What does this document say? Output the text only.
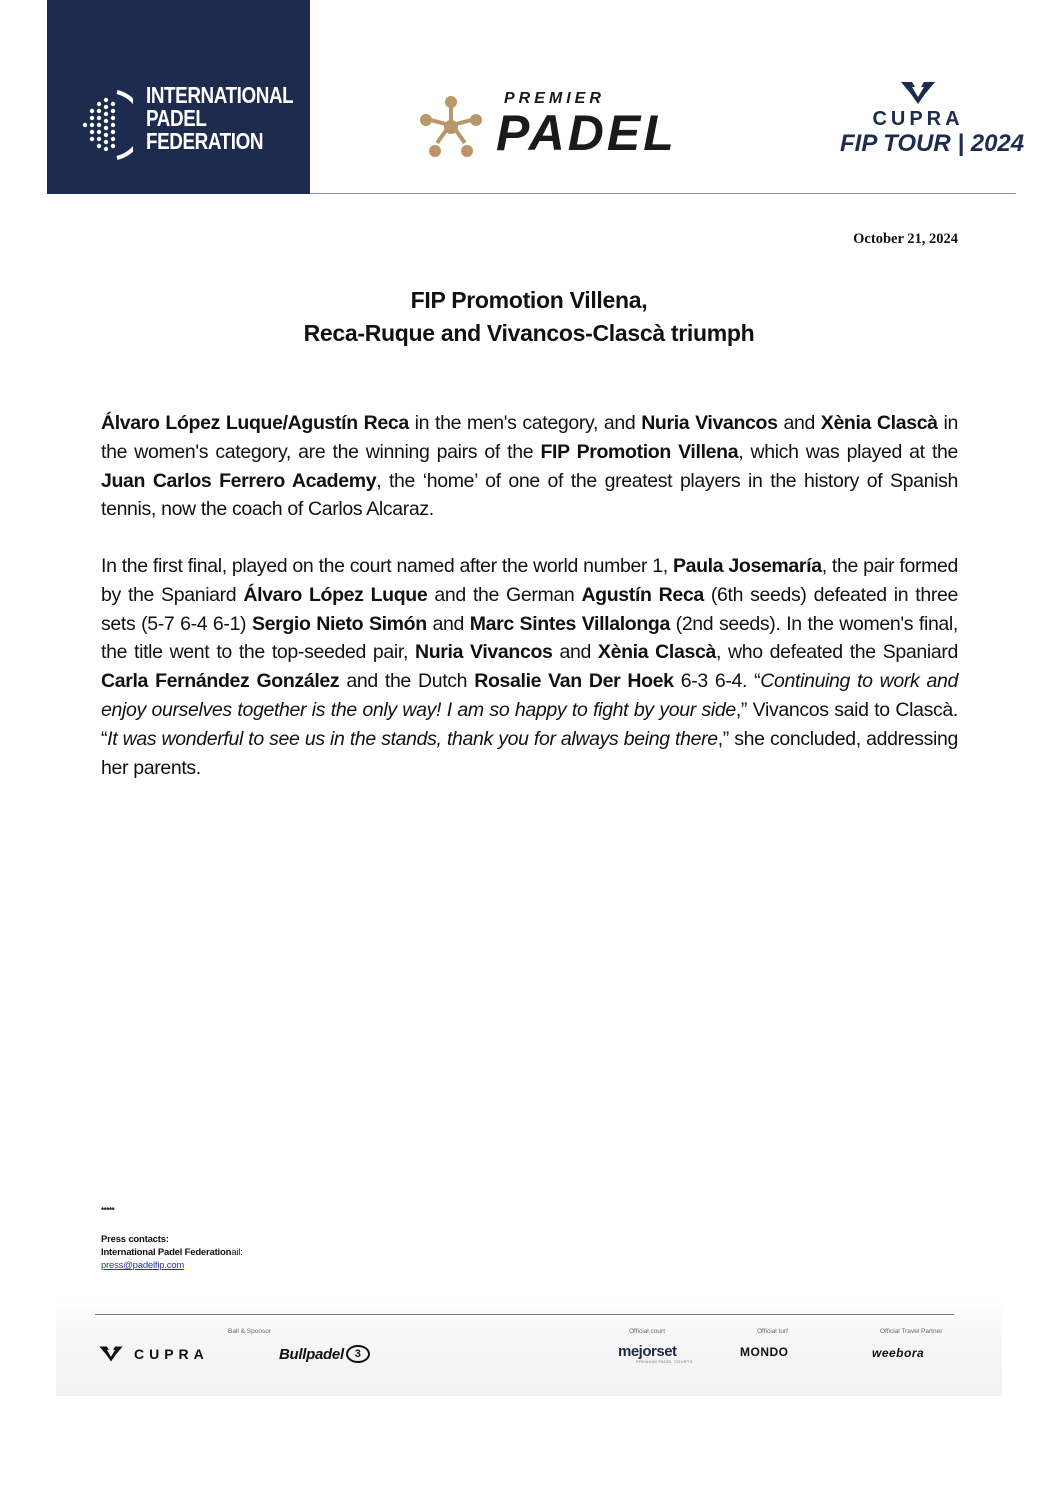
INTERNATIONAL
PADEL
FEDERATION
PREMIER
PADEL	CUPRA
FIP TOUR | 2024
October 21, 2024
FIP Promotion Villena,
Reca-Ruque and Vivancos-Clascà triumph
Álvaro López Luque/Agustín Reca in the men's category, and Nuria Vivancos and Xènia Clascà in the women's category, are the winning pairs of the FIP Promotion Villena, which was played at the Juan Carlos Ferrero Academy, the ‘home’ of one of the greatest players in the history of Spanish tennis, now the coach of Carlos Alcaraz.
In the first final, played on the court named after the world number 1, Paula Josemaría, the pair formed by the Spaniard Álvaro López Luque and the German Agustín Reca (6th seeds) defeated in three sets (5-7 6-4 6-1) Sergio Nieto Simón and Marc Sintes Villalonga (2nd seeds). In the women's final, the title went to the top-seeded pair, Nuria Vivancos and Xènia Clascà, who defeated the Spaniard Carla Fernández González and the Dutch Rosalie Van Der Hoek 6-3 6-4. “Continuing to work and enjoy ourselves together is the only way! I am so happy to fight by your side,” Vivancos said to Clascà. “It was wonderful to see us in the stands, thank you for always being there,” she concluded, addressing her parents.
*****
Press contacts:
International Padel Federationail:
press@padelfip.com
Ball & Sponsor	Official court	Official turf	Official Travel Partner
CUPRA	Bullpadel 3	mejorset
PREMIUM PADEL COURTS
MONDO	weebora
